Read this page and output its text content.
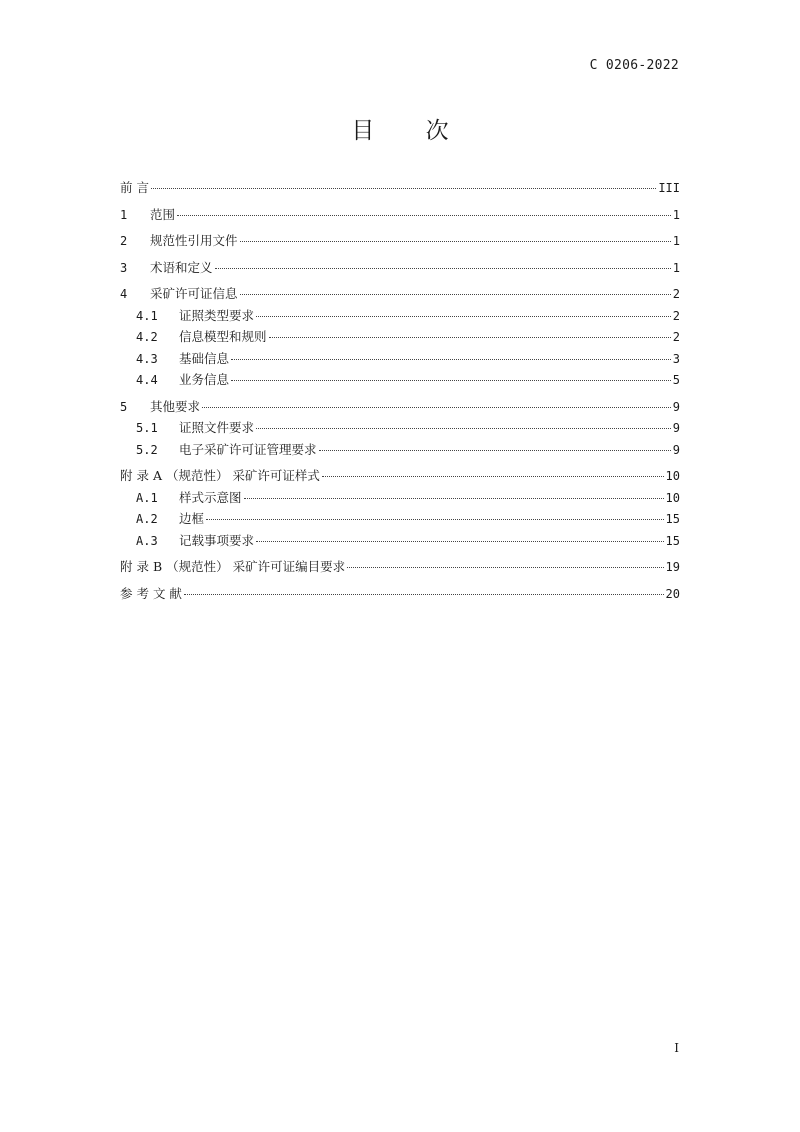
C 0206-2022
目 次
前 言	III
1	范围	1
2	规范性引用文件	1
3	术语和定义	1
4	采矿许可证信息	2
4.1	证照类型要求	2
4.2	信息模型和规则	2
4.3	基础信息	3
4.4	业务信息	5
5	其他要求	9
5.1	证照文件要求	9
5.2	电子采矿许可证管理要求	9
附 录 A （规范性） 采矿许可证样式	10
A.1	样式示意图	10
A.2	边框	15
A.3	记载事项要求	15
附 录 B （规范性） 采矿许可证编目要求	19
参 考 文 献	20
I
